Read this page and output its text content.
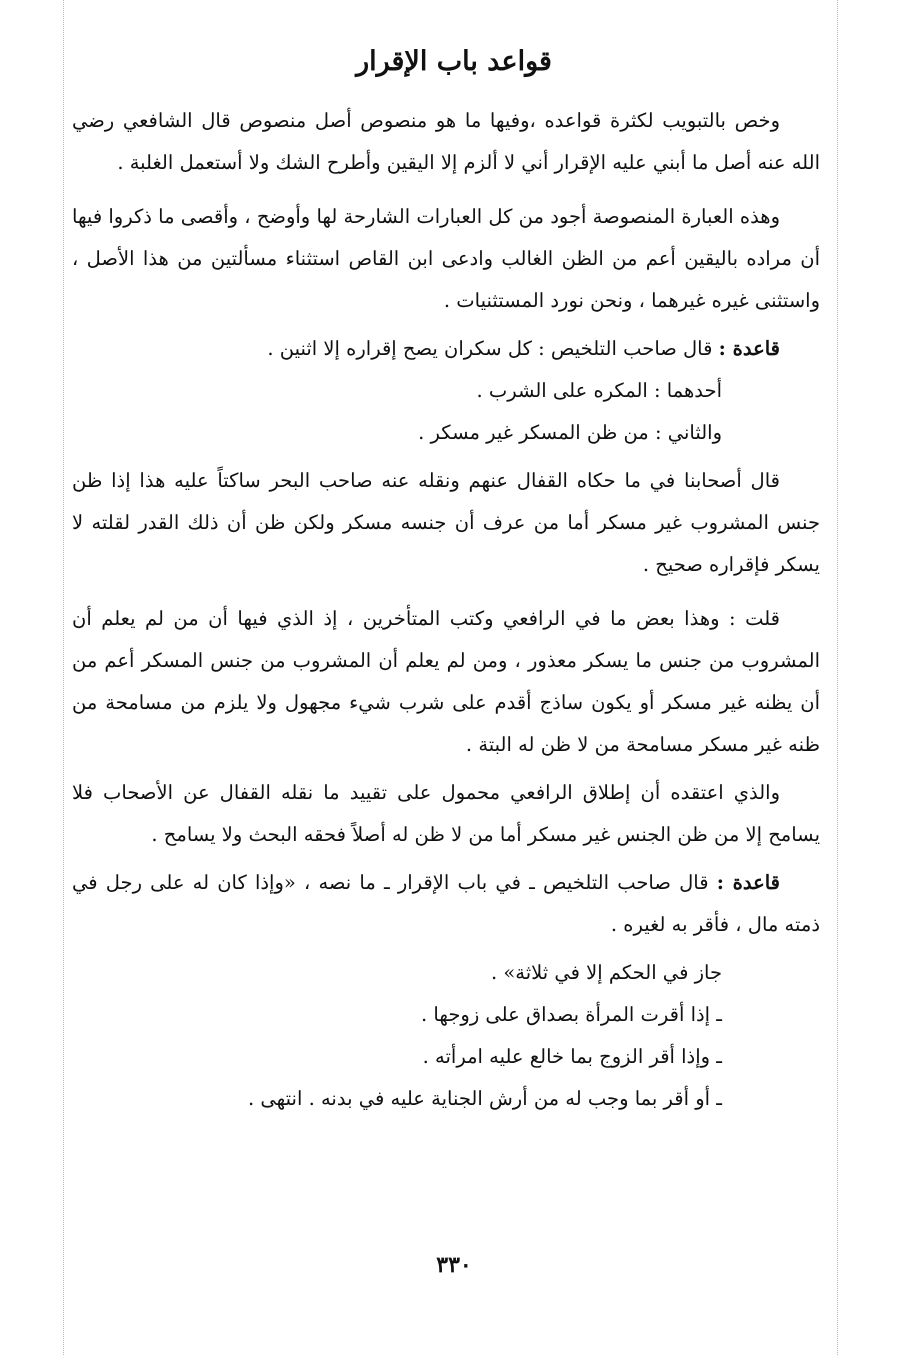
قواعد باب الإقرار

وخص بالتبويب لكثرة قواعده ،وفيها ما هو منصوص أصل منصوص قال الشافعي رضي الله عنه أصل ما أبني عليه الإقرار أني لا ألزم إلا اليقين وأطرح الشك ولا أستعمل الغلبة .

وهذه العبارة المنصوصة أجود من كل العبارات الشارحة لها وأوضح ، وأقصى ما ذكروا فيها أن مراده باليقين أعم من الظن الغالب وادعى ابن القاص استثناء مسألتين من هذا الأصل ، واستثنى غيره غيرهما ، ونحن نورد المستثنيات .

قاعدة : قال صاحب التلخيص : كل سكران يصح إقراره إلا اثنين .

أحدهما : المكره على الشرب .

والثاني : من ظن المسكر غير مسكر .

قال أصحابنا في ما حكاه القفال عنهم ونقله عنه صاحب البحر ساكتاً عليه هذا إذا ظن جنس المشروب غير مسكر أما من عرف أن جنسه مسكر ولكن ظن أن ذلك القدر لقلته لا يسكر فإقراره صحيح .

قلت : وهذا بعض ما في الرافعي وكتب المتأخرين ، إذ الذي فيها أن من لم يعلم أن المشروب من جنس ما يسكر معذور ، ومن لم يعلم أن المشروب من جنس المسكر أعم من أن يظنه غير مسكر أو يكون ساذج أقدم على شرب شيء مجهول ولا يلزم من مسامحة من ظنه غير مسكر مسامحة من لا ظن له البتة .

والذي اعتقده أن إطلاق الرافعي محمول على تقييد ما نقله القفال عن الأصحاب فلا يسامح إلا من ظن الجنس غير مسكر أما من لا ظن له أصلاً فحقه البحث ولا يسامح .

قاعدة : قال صاحب التلخيص ـ في باب الإقرار ـ ما نصه ، «وإذا كان له على رجل في ذمته مال ، فأقر به لغيره .

جاز في الحكم إلا في ثلاثة» .

ـ إذا أقرت المرأة بصداق على زوجها .

ـ وإذا أقر الزوج بما خالع عليه امرأته .

ـ أو أقر بما وجب له من أرش الجناية عليه في بدنه . انتهى .

٣٣٠
